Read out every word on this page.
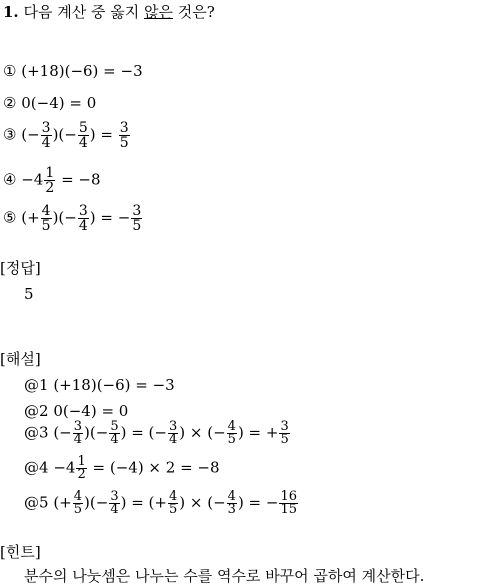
1. 다음 계산 중 옳지 않은 것은?
① (+18)(−6) = −3
② 0(−4) = 0
③ (− $\frac{3}{4}$ )(− $\frac{5}{4}$ ) = $\frac{3}{5}$
④ $-4 \frac{1}{2} = -8$
⑤ (+ $\frac{4}{5}$ )(− $\frac{3}{4}$ ) = − $\frac{3}{5}$
[정답]
5
[해설]
@1 (+18)(−6) = −3
@2 0(−4) = 0
@3 (− $\frac{3}{4}$ )(− $\frac{5}{4}$ ) = (− $\frac{3}{4}$ ) × (− $\frac{4}{5}$ ) = + $\frac{3}{5}$
@4 $-4 \frac{1}{2} = (-4) \times 2 = -8$
@5 (+ $\frac{4}{5}$ )(− $\frac{3}{4}$ ) = (+ $\frac{4}{5}$ ) × (− $\frac{4}{3}$ ) = − $\frac{16}{15}$
[힌트]
분수의 나눗셈은 나누는 수를 역수로 바꾸어 곱하여 계산한다.
